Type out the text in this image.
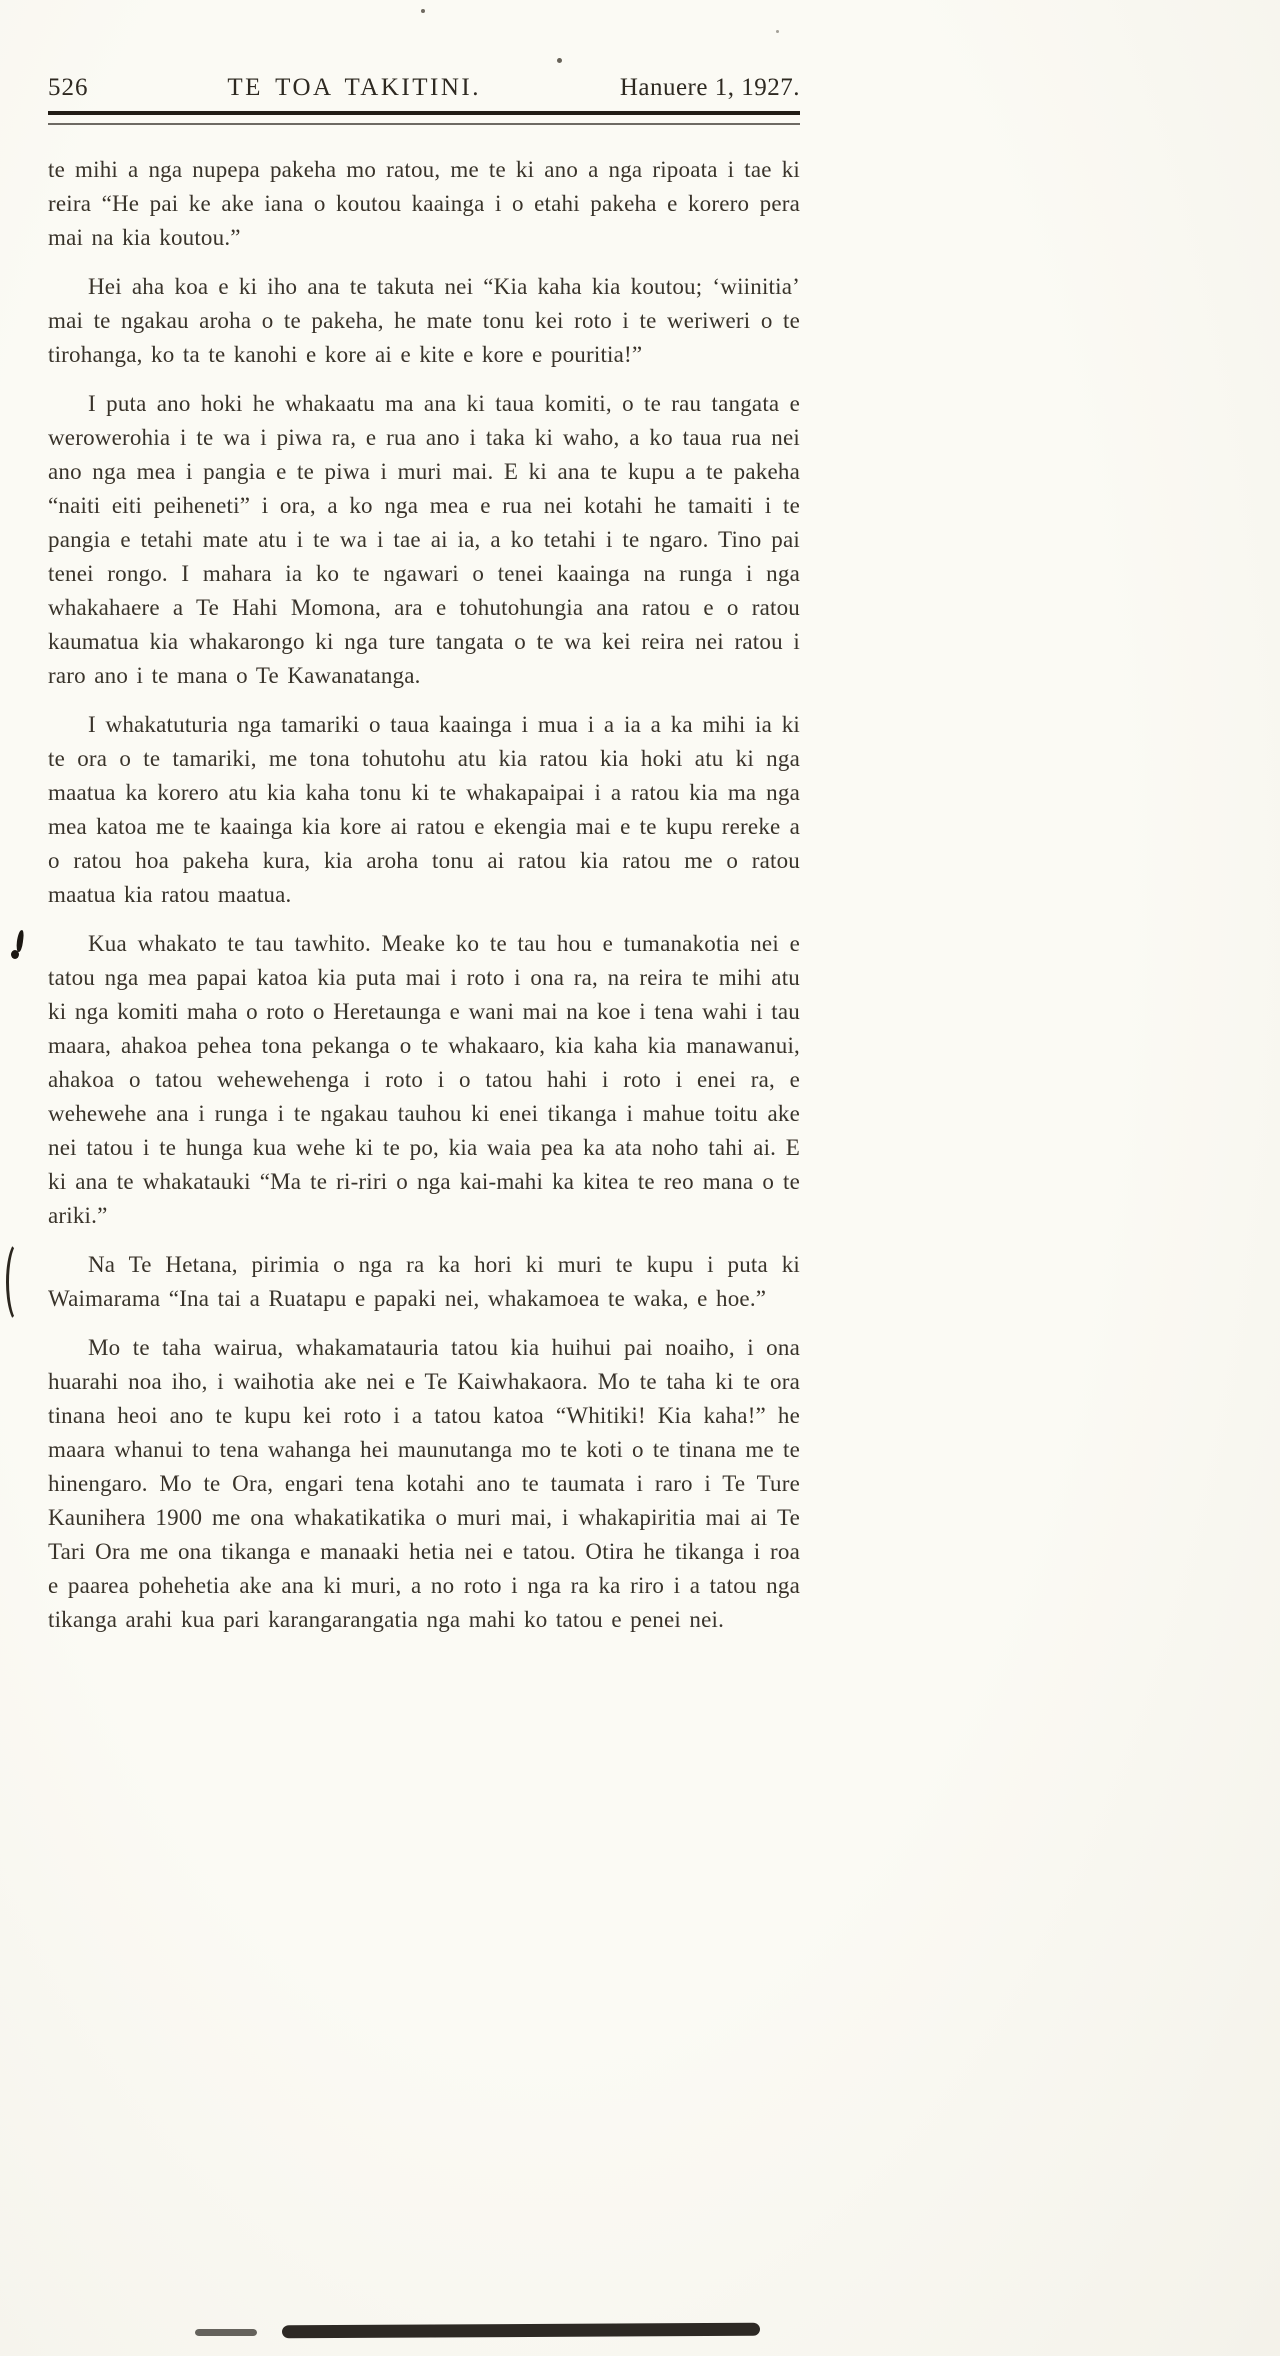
526	TE TOA TAKITINI.	Hanuere 1, 1927.

te mihi a nga nupepa pakeha mo ratou, me te ki ano a nga ripoata i tae ki reira “He pai ke ake iana o koutou kaainga i o etahi pakeha e korero pera mai na kia koutou.”

Hei aha koa e ki iho ana te takuta nei “Kia kaha kia koutou; ‘wiinitia’ mai te ngakau aroha o te pakeha, he mate tonu kei roto i te weriweri o te tirohanga, ko ta te kanohi e kore ai e kite e kore e pouritia!”

I puta ano hoki he whakaatu ma ana ki taua komiti, o te rau tangata e werowerohia i te wa i piwa ra, e rua ano i taka ki waho, a ko taua rua nei ano nga mea i pangia e te piwa i muri mai. E ki ana te kupu a te pakeha “naiti eiti peiheneti” i ora, a ko nga mea e rua nei kotahi he tamaiti i te pangia e tetahi mate atu i te wa i tae ai ia, a ko tetahi i te ngaro. Tino pai tenei rongo. I mahara ia ko te ngawari o tenei kaainga na runga i nga whakahaere a Te Hahi Momona, ara e tohutohungia ana ratou e o ratou kaumatua kia whakarongo ki nga ture tangata o te wa kei reira nei ratou i raro ano i te mana o Te Kawanatanga.

I whakatuturia nga tamariki o taua kaainga i mua i a ia a ka mihi ia ki te ora o te tamariki, me tona tohutohu atu kia ratou kia hoki atu ki nga maatua ka korero atu kia kaha tonu ki te whakapaipai i a ratou kia ma nga mea katoa me te kaainga kia kore ai ratou e ekengia mai e te kupu rereke a o ratou hoa pakeha kura, kia aroha tonu ai ratou kia ratou me o ratou maatua kia ratou maatua.

Kua whakato te tau tawhito. Meake ko te tau hou e tumanakotia nei e tatou nga mea papai katoa kia puta mai i roto i ona ra, na reira te mihi atu ki nga komiti maha o roto o Heretaunga e wani mai na koe i tena wahi i tau maara, ahakoa pehea tona pekanga o te whakaaro, kia kaha kia manawanui, ahakoa o tatou wehewehenga i roto i o tatou hahi i roto i enei ra, e wehewehe ana i runga i te ngakau tauhou ki enei tikanga i mahue toitu ake nei tatou i te hunga kua wehe ki te po, kia waia pea ka ata noho tahi ai. E ki ana te whakatauki “Ma te ri-riri o nga kai-mahi ka kitea te reo mana o te ariki.”

Na Te Hetana, pirimia o nga ra ka hori ki muri te kupu i puta ki Waimarama “Ina tai a Ruatapu e papaki nei, whakamoea te waka, e hoe.”

Mo te taha wairua, whakamatauria tatou kia huihui pai noaiho, i ona huarahi noa iho, i waihotia ake nei e Te Kaiwhakaora. Mo te taha ki te ora tinana heoi ano te kupu kei roto i a tatou katoa “Whitiki! Kia kaha!” he maara whanui to tena wahanga hei maunutanga mo te koti o te tinana me te hinengaro. Mo te Ora, engari tena kotahi ano te taumata i raro i Te Ture Kaunihera 1900 me ona whakatikatika o muri mai, i whakapiritia mai ai Te Tari Ora me ona tikanga e manaaki hetia nei e tatou. Otira he tikanga i roa e paarea pohehetia ake ana ki muri, a no roto i nga ra ka riro i a tatou nga tikanga arahi kua pari karangarangatia nga mahi ko tatou e penei nei.
